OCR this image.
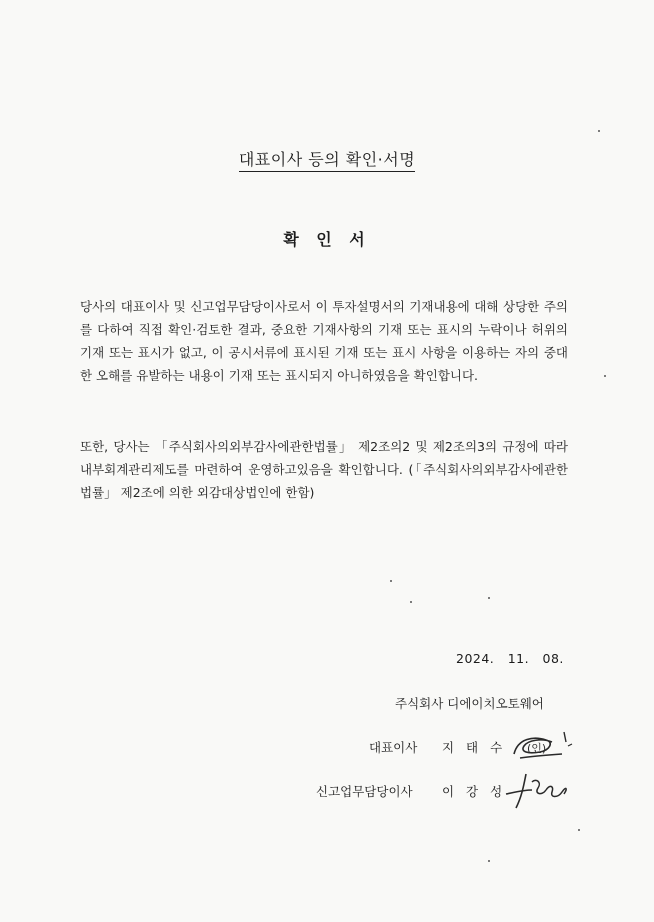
대표이사 등의 확인·서명
확 인 서
당사의 대표이사 및 신고업무담당이사로서 이 투자설명서의 기재내용에 대해 상당한 주의를 다하여 직접 확인·검토한 결과, 중요한 기재사항의 기재 또는 표시의 누락이나 허위의 기재 또는 표시가 없고, 이 공시서류에 표시된 기재 또는 표시 사항을 이용하는 자의 중대한 오해를 유발하는 내용이 기재 또는 표시되지 아니하였음을 확인합니다.
또한, 당사는 「주식회사의외부감사에관한법률」 제2조의2 및 제2조의3의 규정에 따라 내부회계관리제도를 마련하여 운영하고있음을 확인합니다. (「주식회사의외부감사에관한법률」 제2조에 의한 외감대상법인에 한함)
2024.   11.   08.
주식회사 디에이치오토웨어
대표이사 지 태 수 (인)
신고업무담당이사 이 강 성
